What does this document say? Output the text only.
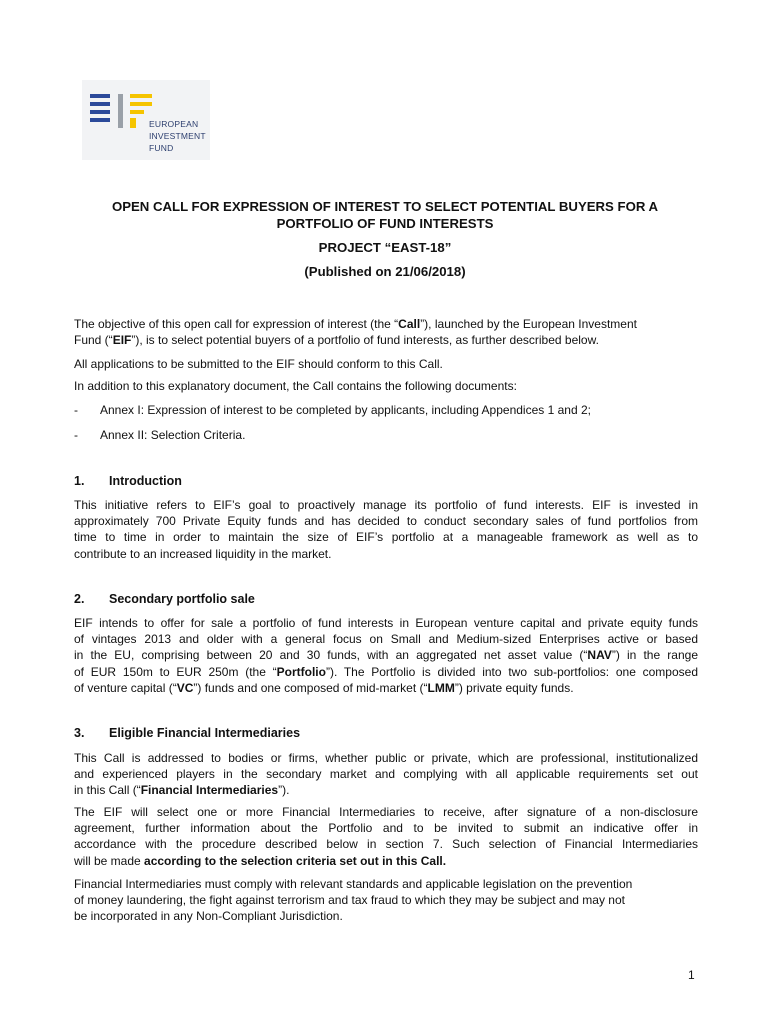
EUROPEAN
INVESTMENT
FUND
OPEN CALL FOR EXPRESSION OF INTEREST TO SELECT POTENTIAL BUYERS FOR A
PORTFOLIO OF FUND INTERESTS
PROJECT “EAST-18”
(Published on 21/06/2018)

The objective of this open call for expression of interest (the “Call”), launched by the European Investment
Fund (“EIF”), is to select potential buyers of a portfolio of fund interests, as further described below.

All applications to be submitted to the EIF should conform to this Call.

In addition to this explanatory document, the Call contains the following documents:

- Annex I: Expression of interest to be completed by applicants, including Appendices 1 and 2;
- Annex II: Selection Criteria.
1. Introduction

This initiative refers to EIF’s goal to proactively manage its portfolio of fund interests. EIF is invested in
approximately 700 Private Equity funds and has decided to conduct secondary sales of fund portfolios from
time to time in order to maintain the size of EIF’s portfolio at a manageable framework as well as to
contribute to an increased liquidity in the market.

2. Secondary portfolio sale

EIF intends to offer for sale a portfolio of fund interests in European venture capital and private equity funds
of vintages 2013 and older with a general focus on Small and Medium-sized Enterprises active or based
in the EU, comprising between 20 and 30 funds, with an aggregated net asset value (“NAV”) in the range
of EUR 150m to EUR 250m (the “Portfolio”). The Portfolio is divided into two sub-portfolios: one composed
of venture capital (“VC”) funds and one composed of mid-market (“LMM”) private equity funds.

3. Eligible Financial Intermediaries

This Call is addressed to bodies or firms, whether public or private, which are professional, institutionalized
and experienced players in the secondary market and complying with all applicable requirements set out
in this Call (“Financial Intermediaries”).

The EIF will select one or more Financial Intermediaries to receive, after signature of a non-disclosure
agreement, further information about the Portfolio and to be invited to submit an indicative offer in
accordance with the procedure described below in section 7. Such selection of Financial Intermediaries
will be made according to the selection criteria set out in this Call.

Financial Intermediaries must comply with relevant standards and applicable legislation on the prevention
of money laundering, the fight against terrorism and tax fraud to which they may be subject and may not
be incorporated in any Non-Compliant Jurisdiction.

1
